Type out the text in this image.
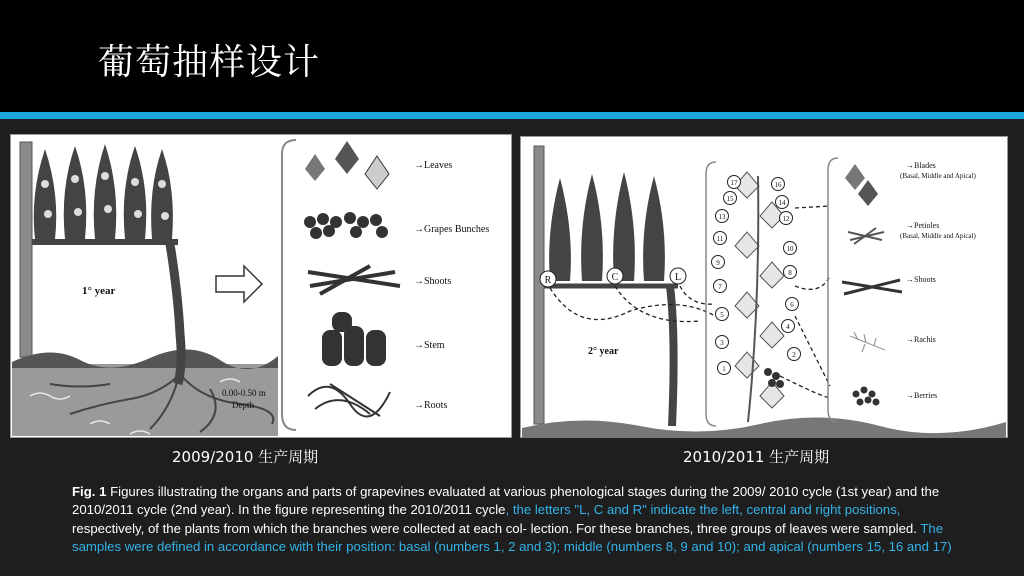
葡萄抽样设计
1° year
0.00-0.50 m
Depth
2° year
R	C	L
17	16
15	14
13	12
11
10
9
8
7
6
5
4
3
2
1
→Blades
(Basal, Middle and Apical)
→Petioles
(Basal, Middle and Apical)
→Shoots
→Rachis
→Berries
2009/2010 生产周期	2010/2011 生产周期
Fig. 1 Figures illustrating the organs and parts of grapevines evaluated at various phenological stages during the 2009/ 2010 cycle (1st year) and the 2010/2011 cycle (2nd year). In the figure representing the 2010/2011 cycle, the letters "L, C and R" indicate the left, central and right positions, respectively, of the plants from which the branches were collected at each col- lection. For these branches, three groups of leaves were sampled. The samples were defined in accordance with their position: basal (numbers 1, 2 and 3); middle (numbers 8, 9 and 10); and apical (numbers 15, 16 and 17)
→Leaves
→Grapes Bunches
→Shoots
→Stem
→Roots
